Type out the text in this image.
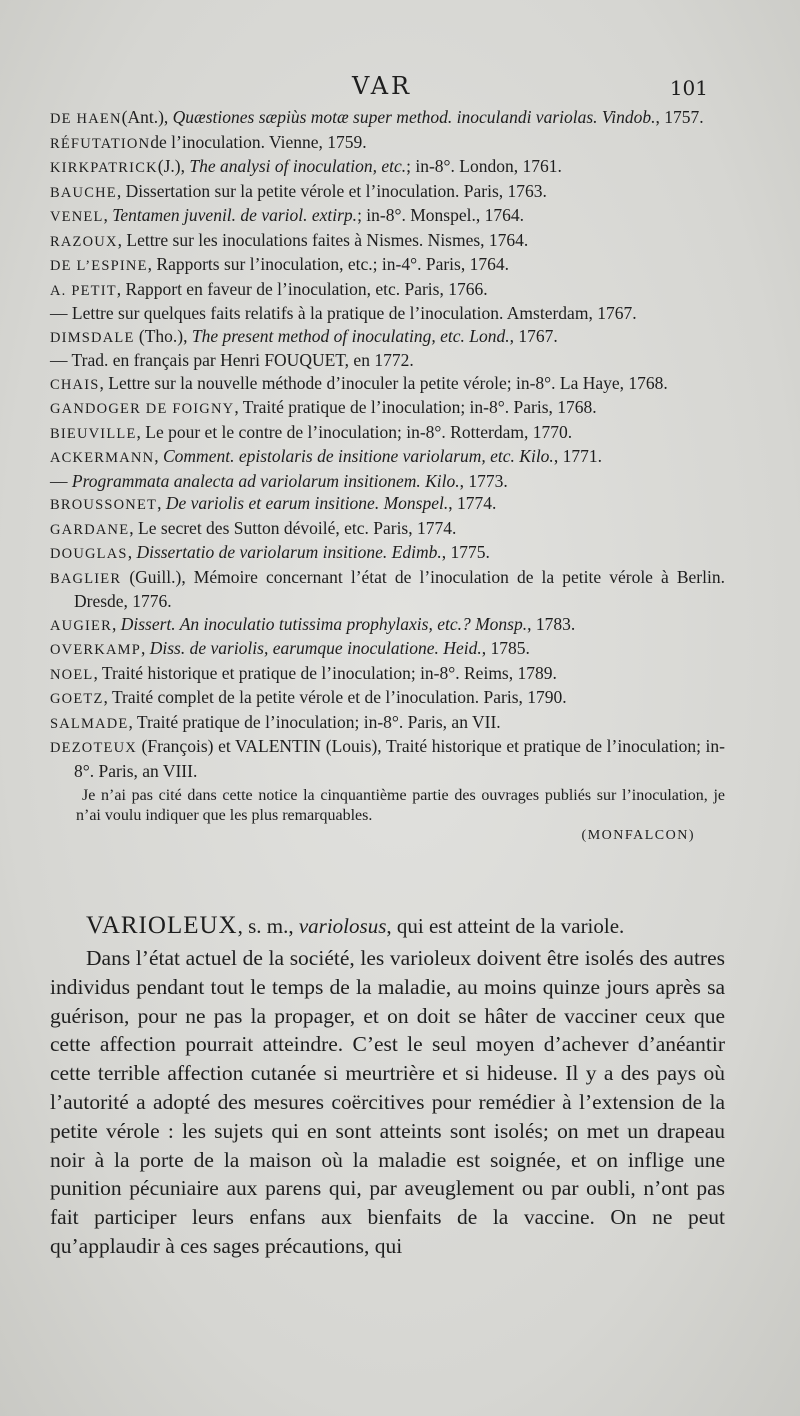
VAR	101

DE HAEN(Ant.), Quæstiones sæpiùs motæ super method. inoculandi variolas. Vindob., 1757.

RÉFUTATIONde l’inoculation. Vienne, 1759.

KIRKPATRICK(J.), The analysi of inoculation, etc.; in-8°. London, 1761.

BAUCHE, Dissertation sur la petite vérole et l’inoculation. Paris, 1763.

VENEL, Tentamen juvenil. de variol. extirp.; in-8°. Monspel., 1764.

RAZOUX, Lettre sur les inoculations faites à Nismes. Nismes, 1764.

DE L’ESPINE, Rapports sur l’inoculation, etc.; in-4°. Paris, 1764.

A. PETIT, Rapport en faveur de l’inoculation, etc. Paris, 1766.

— Lettre sur quelques faits relatifs à la pratique de l’inoculation. Amsterdam, 1767.

DIMSDALE (Tho.), The present method of inoculating, etc. Lond., 1767.

— Trad. en français par Henri FOUQUET, en 1772.

CHAIS, Lettre sur la nouvelle méthode d’inoculer la petite vérole; in-8°. La Haye, 1768.

GANDOGER DE FOIGNY, Traité pratique de l’inoculation; in-8°. Paris, 1768.

BIEUVILLE, Le pour et le contre de l’inoculation; in-8°. Rotterdam, 1770.

ACKERMANN, Comment. epistolaris de insitione variolarum, etc. Kilo., 1771.

— Programmata analecta ad variolarum insitionem. Kilo., 1773.

BROUSSONET, De variolis et earum insitione. Monspel., 1774.

GARDANE, Le secret des Sutton dévoilé, etc. Paris, 1774.

DOUGLAS, Dissertatio de variolarum insitione. Edimb., 1775.

BAGLIER (Guill.), Mémoire concernant l’état de l’inoculation de la petite vérole à Berlin. Dresde, 1776.

AUGIER, Dissert. An inoculatio tutissima prophylaxis, etc.? Monsp., 1783.

OVERKAMP, Diss. de variolis, earumque inoculatione. Heid., 1785.

NOEL, Traité historique et pratique de l’inoculation; in-8°. Reims, 1789.

GOETZ, Traité complet de la petite vérole et de l’inoculation. Paris, 1790.

SALMADE, Traité pratique de l’inoculation; in-8°. Paris, an VII.

DEZOTEUX (François) et VALENTIN (Louis), Traité historique et pratique de l’inoculation; in-8°. Paris, an VIII.

Je n’ai pas cité dans cette notice la cinquantième partie des ouvrages publiés sur l’inoculation, je n’ai voulu indiquer que les plus remarquables.

(MONFALCON)

VARIOLEUX, s. m., variolosus, qui est atteint de la variole.

Dans l’état actuel de la société, les varioleux doivent être isolés des autres individus pendant tout le temps de la maladie, au moins quinze jours après sa guérison, pour ne pas la propager, et on doit se hâter de vacciner ceux que cette affection pourrait atteindre. C’est le seul moyen d’achever d’anéantir cette terrible affection cutanée si meurtrière et si hideuse. Il y a des pays où l’autorité a adopté des mesures coërcitives pour remédier à l’extension de la petite vérole : les sujets qui en sont atteints sont isolés; on met un drapeau noir à la porte de la maison où la maladie est soignée, et on inflige une punition pécuniaire aux parens qui, par aveuglement ou par oubli, n’ont pas fait participer leurs enfans aux bienfaits de la vaccine. On ne peut qu’applaudir à ces sages précautions, qui
